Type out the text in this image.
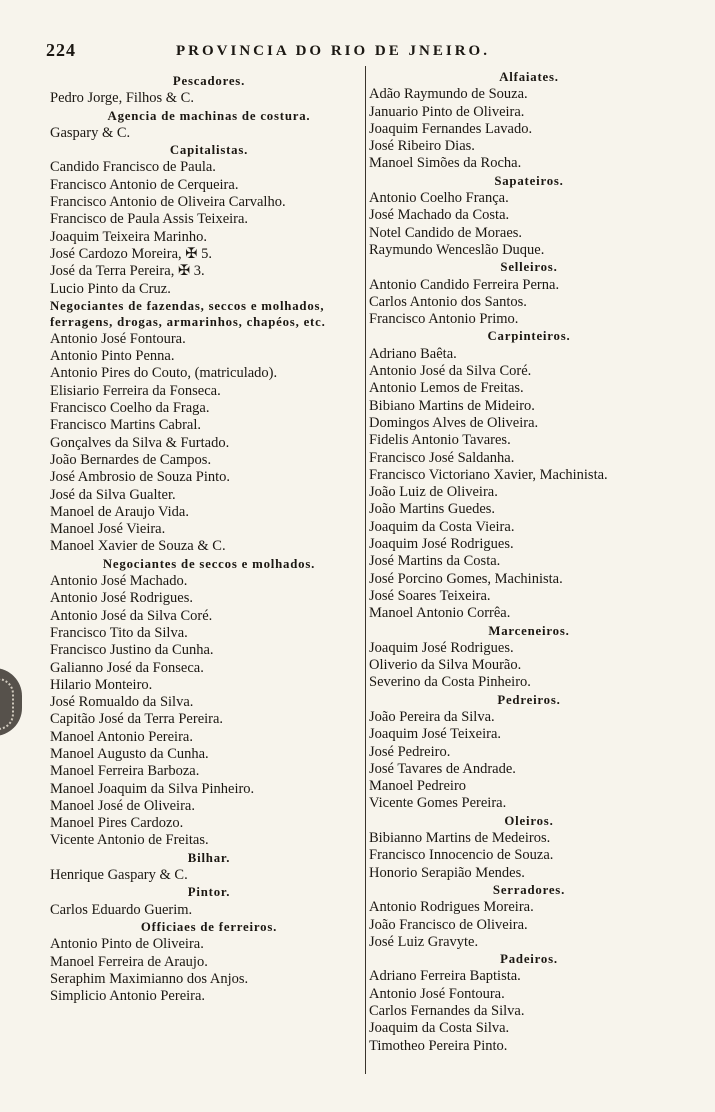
224	PROVINCIA DO RIO DE JNEIRO.
Pescadores.
Pedro Jorge, Filhos & C.
Agencia de machinas de costura.
Gaspary & C.
Capitalistas.
Candido Francisco de Paula.
Francisco Antonio de Cerqueira.
Francisco Antonio de Oliveira Carvalho.
Francisco de Paula Assis Teixeira.
Joaquim Teixeira Marinho.
José Cardozo Moreira, ✠ 5.
José da Terra Pereira, ✠ 3.
Lucio Pinto da Cruz.
Negociantes de fazendas, seccos e molhados, ferragens, drogas, armarinhos, chapéos, etc.
Antonio José Fontoura.
Antonio Pinto Penna.
Antonio Pires do Couto, (matriculado).
Elisiario Ferreira da Fonseca.
Francisco Coelho da Fraga.
Francisco Martins Cabral.
Gonçalves da Silva & Furtado.
João Bernardes de Campos.
José Ambrosio de Souza Pinto.
José da Silva Gualter.
Manoel de Araujo Vida.
Manoel José Vieira.
Manoel Xavier de Souza & C.
Negociantes de seccos e molhados.
Antonio José Machado.
Antonio José Rodrigues.
Antonio José da Silva Coré.
Francisco Tito da Silva.
Francisco Justino da Cunha.
Galianno José da Fonseca.
Hilario Monteiro.
José Romualdo da Silva.
Capitão José da Terra Pereira.
Manoel Antonio Pereira.
Manoel Augusto da Cunha.
Manoel Ferreira Barboza.
Manoel Joaquim da Silva Pinheiro.
Manoel José de Oliveira.
Manoel Pires Cardozo.
Vicente Antonio de Freitas.
Bilhar.
Henrique Gaspary & C.
Pintor.
Carlos Eduardo Guerim.
Officiaes de ferreiros.
Antonio Pinto de Oliveira.
Manoel Ferreira de Araujo.
Seraphim Maximianno dos Anjos.
Simplicio Antonio Pereira.
Alfaiates.
Adão Raymundo de Souza.
Januario Pinto de Oliveira.
Joaquim Fernandes Lavado.
José Ribeiro Dias.
Manoel Simões da Rocha.
Sapateiros.
Antonio Coelho França.
José Machado da Costa.
Notel Candido de Moraes.
Raymundo Wenceslão Duque.
Selleiros.
Antonio Candido Ferreira Perna.
Carlos Antonio dos Santos.
Francisco Antonio Primo.
Carpinteiros.
Adriano Baêta.
Antonio José da Silva Coré.
Antonio Lemos de Freitas.
Bibiano Martins de Mideiro.
Domingos Alves de Oliveira.
Fidelis Antonio Tavares.
Francisco José Saldanha.
Francisco Victoriano Xavier, Machinista.
João Luiz de Oliveira.
João Martins Guedes.
Joaquim da Costa Vieira.
Joaquim José Rodrigues.
José Martins da Costa.
José Porcino Gomes, Machinista.
José Soares Teixeira.
Manoel Antonio Corrêa.
Marceneiros.
Joaquim José Rodrigues.
Oliverio da Silva Mourão.
Severino da Costa Pinheiro.
Pedreiros.
João Pereira da Silva.
Joaquim José Teixeira.
José Pedreiro.
José Tavares de Andrade.
Manoel Pedreiro
Vicente Gomes Pereira.
Oleiros.
Bibianno Martins de Medeiros.
Francisco Innocencio de Souza.
Honorio Serapião Mendes.
Serradores.
Antonio Rodrigues Moreira.
João Francisco de Oliveira.
José Luiz Gravyte.
Padeiros.
Adriano Ferreira Baptista.
Antonio José Fontoura.
Carlos Fernandes da Silva.
Joaquim da Costa Silva.
Timotheo Pereira Pinto.
